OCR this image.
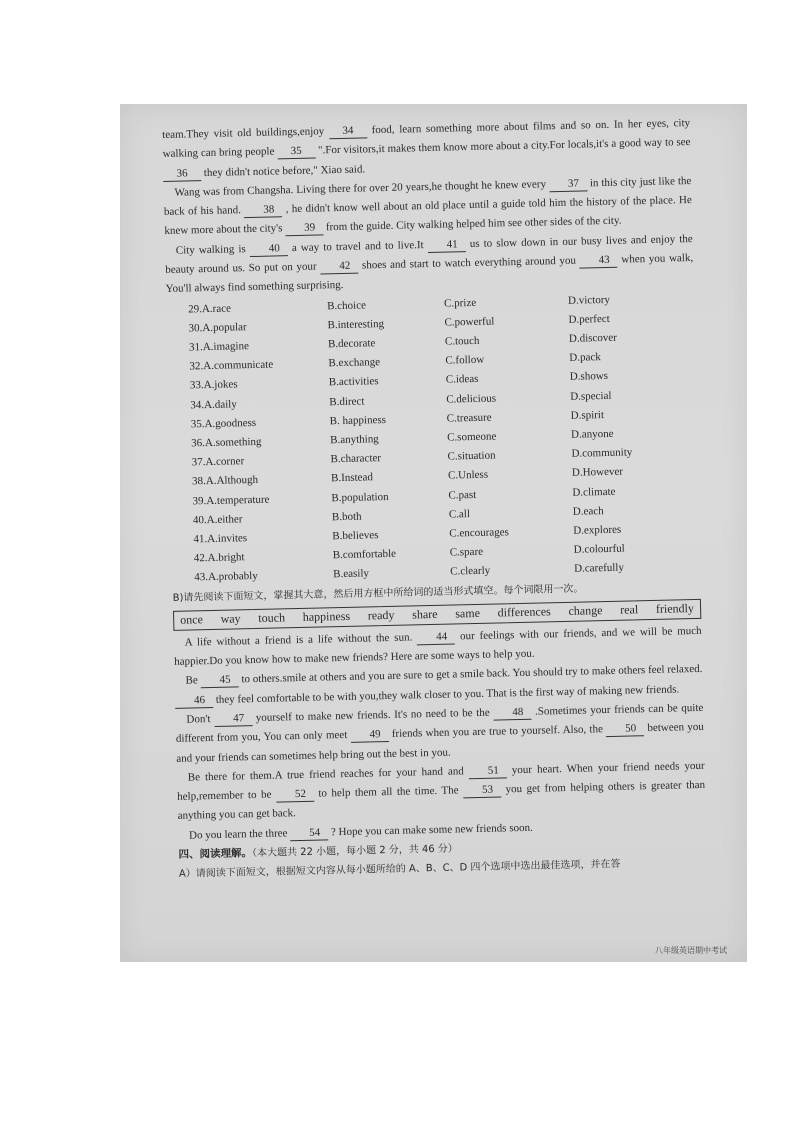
team.They visit old buildings,enjoy 34 food, learn something more about films and so on. In her eyes, city walking can bring people 35 ".For visitors,it makes them know more about a city.For locals,it's a good way to see 36 they didn't notice before," Xiao said.

Wang was from Changsha. Living there for over 20 years,he thought he knew every 37 in this city just like the back of his hand. 38 , he didn't know well about an old place until a guide told him the history of the place. He knew more about the city's 39 from the guide. City walking helped him see other sides of the city.

City walking is 40 a way to travel and to live.It 41 us to slow down in our busy lives and enjoy the beauty around us. So put on your 42 shoes and start to watch everything around you 43 when you walk, You'll always find something surprising.

29.A.race	B.choice	C.prize	D.victory
30.A.popular	B.interesting	C.powerful	D.perfect
31.A.imagine	B.decorate	C.touch	D.discover
32.A.communicate	B.exchange	C.follow	D.pack
33.A.jokes	B.activities	C.ideas	D.shows
34.A.daily	B.direct	C.delicious	D.special
35.A.goodness	B. happiness	C.treasure	D.spirit
36.A.something	B.anything	C.someone	D.anyone
37.A.corner	B.character	C.situation	D.community
38.A.Although	B.Instead	C.Unless	D.However
39.A.temperature	B.population	C.past	D.climate
40.A.either	B.both	C.all	D.each
41.A.invites	B.believes	C.encourages	D.explores
42.A.bright	B.comfortable	C.spare	D.colourful
43.A.probably	B.easily	C.clearly	D.carefully

B)请先阅读下面短文，掌握其大意，然后用方框中所给词的适当形式填空。每个词限用一次。

once way touch happiness ready share same differences change real friendly

A life without a friend is a life without the sun. 44 our feelings with our friends, and we will be much happier.Do you know how to make new friends? Here are some ways to help you.

Be 45 to others.smile at others and you are sure to get a smile back. You should try to make others feel relaxed. 46 they feel comfortable to be with you,they walk closer to you. That is the first way of making new friends.

Don't 47 yourself to make new friends. It's no need to be the 48 .Sometimes your friends can be quite different from you, You can only meet 49 friends when you are true to yourself. Also, the 50 between you and your friends can sometimes help bring out the best in you.

Be there for them.A true friend reaches for your hand and 51 your heart. When your friend needs your help,remember to be 52 to help them all the time. The 53 you get from helping others is greater than anything you can get back.

Do you learn the three 54 ? Hope you can make some new friends soon.

四、阅读理解。（本大题共 22 小题，每小题 2 分，共 46 分）

A）请阅读下面短文，根据短文内容从每小题所给的 A、B、C、D 四个选项中选出最佳选项，并在答

八年级英语期中考试
